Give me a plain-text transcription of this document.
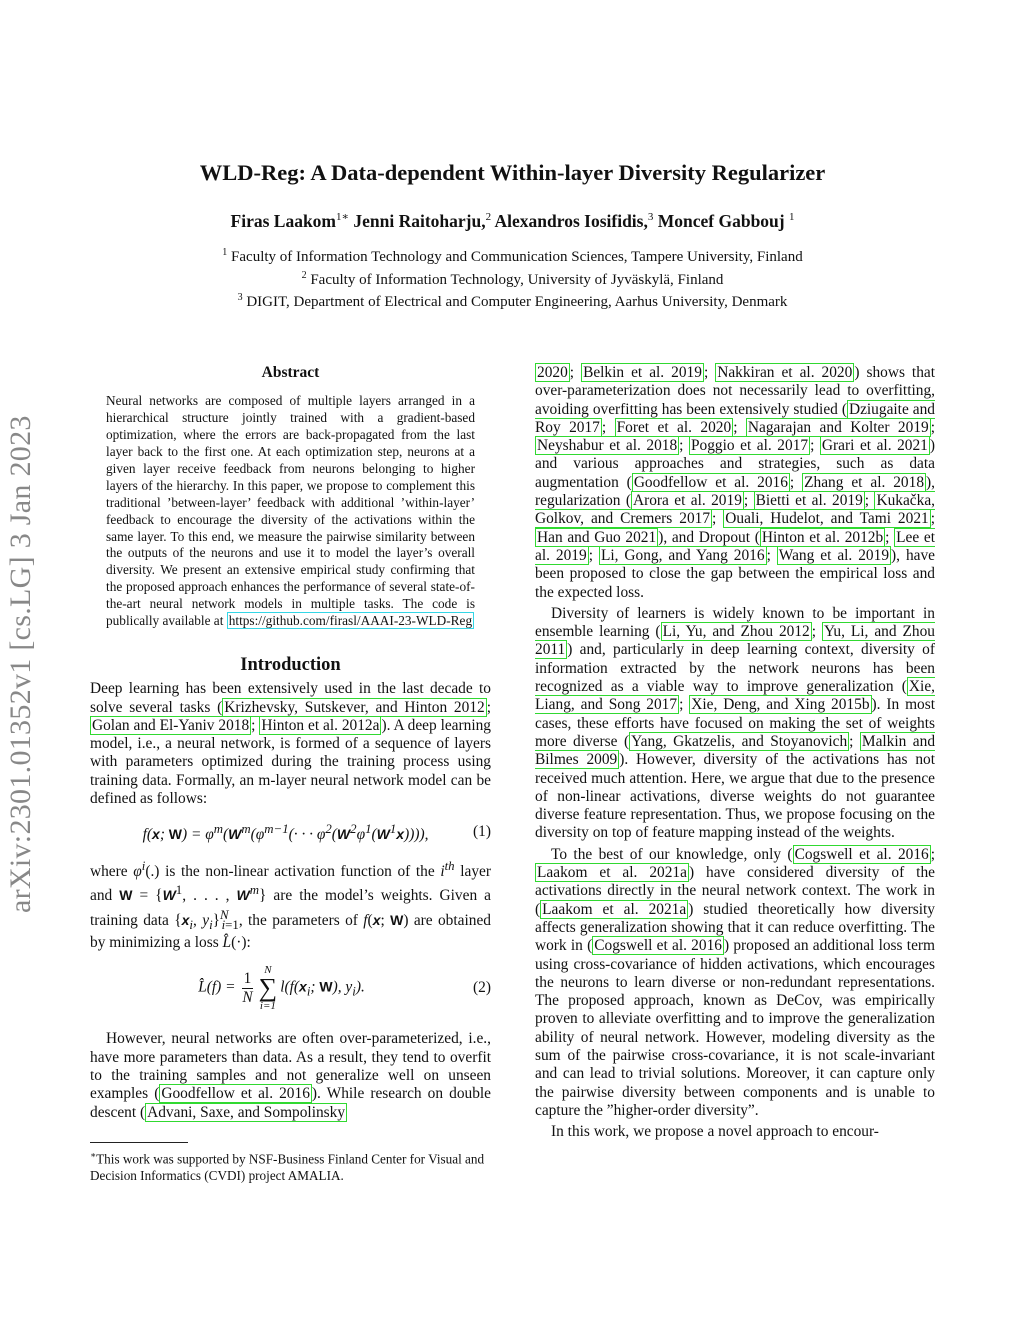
arXiv:2301.01352v1 [cs.LG] 3 Jan 2023
WLD-Reg: A Data-dependent Within-layer Diversity Regularizer
Firas Laakom$^{1∗}$ Jenni Raitoharju,$^2$ Alexandros Iosifidis,$^3$ Moncef Gabbouj $^1$
$^1$ Faculty of Information Technology and Communication Sciences, Tampere University, Finland
$^2$ Faculty of Information Technology, University of Jyväskylä, Finland
$^3$ DIGIT, Department of Electrical and Computer Engineering, Aarhus University, Denmark
Abstract
Neural networks are composed of multiple layers arranged in a hierarchical structure jointly trained with a gradient-based optimization, where the errors are back-propagated from the last layer back to the first one. At each optimization step, neurons at a given layer receive feedback from neurons belonging to higher layers of the hierarchy. In this paper, we propose to complement this traditional ’between-layer’ feedback with additional ’within-layer’ feedback to encourage the diversity of the activations within the same layer. To this end, we measure the pairwise similarity between the outputs of the neurons and use it to model the layer’s overall diversity. We present an extensive empirical study confirming that the proposed approach enhances the performance of several state-of-the-art neural network models in multiple tasks. The code is publically available at https://github.com/firasl/AAAI-23-WLD-Reg
Introduction

Deep learning has been extensively used in the last decade to solve several tasks ( Krizhevsky, Sutskever, and Hinton 2012 ; Golan and El-Yaniv 2018 ; Hinton et al. 2012a ). A deep learning model, i.e., a neural network, is formed of a sequence of layers with parameters optimized during the training process using training data. Formally, an m-layer neural network model can be defined as follows:

f(x; $W) = \varphi^m(W^m(\varphi^{m-1}(\cdot$ · · $\varphi^2(W^2\varphi^1(W^1x))$)),	(1)

where $\varphi^i(.)$ is the non-linear activation function of the $i^{th}$ layer and $W = \{W^1$, . . . , $W^m$} are the model’s weights. Given a training data {$x_i$, $y_i\}^N_{i=1}$, the parameters of f(x; W) are obtained by minimizing a loss L̂(·):

L̂(f) = $\frac{1}{N}$ N
∑
i=1
$l(f(x_i$; W), $y_i$).	(2)

However, neural networks are often over-parameterized, i.e., have more parameters than data. As a result, they tend to overfit to the training samples and not generalize well on unseen examples ( Goodfellow et al. 2016 ). While research on double descent ( Advani, Saxe, and Sompolinsky

∗This work was supported by NSF-Business Finland Center for Visual and Decision Informatics (CVDI) project AMALIA.

2020 ; Belkin et al. 2019 ; Nakkiran et al. 2020 ) shows that over-parameterization does not necessarily lead to overfitting, avoiding overfitting has been extensively studied ( Dziugaite and Roy 2017 ; Foret et al. 2020 ; Nagarajan and Kolter 2019 ; Neyshabur et al. 2018 ; Poggio et al. 2017 ; Grari et al. 2021 ) and various approaches and strategies, such as data augmentation ( Goodfellow et al. 2016 ; Zhang et al. 2018 ), regularization ( Arora et al. 2019 ; Bietti et al. 2019 ; Kukačka, Golkov, and Cremers 2017 ; Ouali, Hudelot, and Tami 2021 ; Han and Guo 2021 ), and Dropout ( Hinton et al. 2012b ; Lee et al. 2019 ; Li, Gong, and Yang 2016 ; Wang et al. 2019 ), have been proposed to close the gap between the empirical loss and the expected loss.

Diversity of learners is widely known to be important in ensemble learning ( Li, Yu, and Zhou 2012 ; Yu, Li, and Zhou 2011 ) and, particularly in deep learning context, diversity of information extracted by the network neurons has been recognized as a viable way to improve generalization ( Xie, Liang, and Song 2017 ; Xie, Deng, and Xing 2015b ). In most cases, these efforts have focused on making the set of weights more diverse ( Yang, Gkatzelis, and Stoyanovich ; Malkin and Bilmes 2009 ). However, diversity of the activations has not received much attention. Here, we argue that due to the presence of non-linear activations, diverse weights do not guarantee diverse feature representation. Thus, we propose focusing on the diversity on top of feature mapping instead of the weights.

To the best of our knowledge, only ( Cogswell et al. 2016 ; Laakom et al. 2021a ) have considered diversity of the activations directly in the neural network context. The work in ( Laakom et al. 2021a ) studied theoretically how diversity affects generalization showing that it can reduce overfitting. The work in ( Cogswell et al. 2016 ) proposed an additional loss term using cross-covariance of hidden activations, which encourages the neurons to learn diverse or non-redundant representations. The proposed approach, known as DeCov, was empirically proven to alleviate overfitting and to improve the generalization ability of neural network. However, modeling diversity as the sum of the pairwise cross-covariance, it is not scale-invariant and can lead to trivial solutions. Moreover, it can capture only the pairwise diversity between components and is unable to capture the ”higher-order diversity”.

In this work, we propose a novel approach to encour-
